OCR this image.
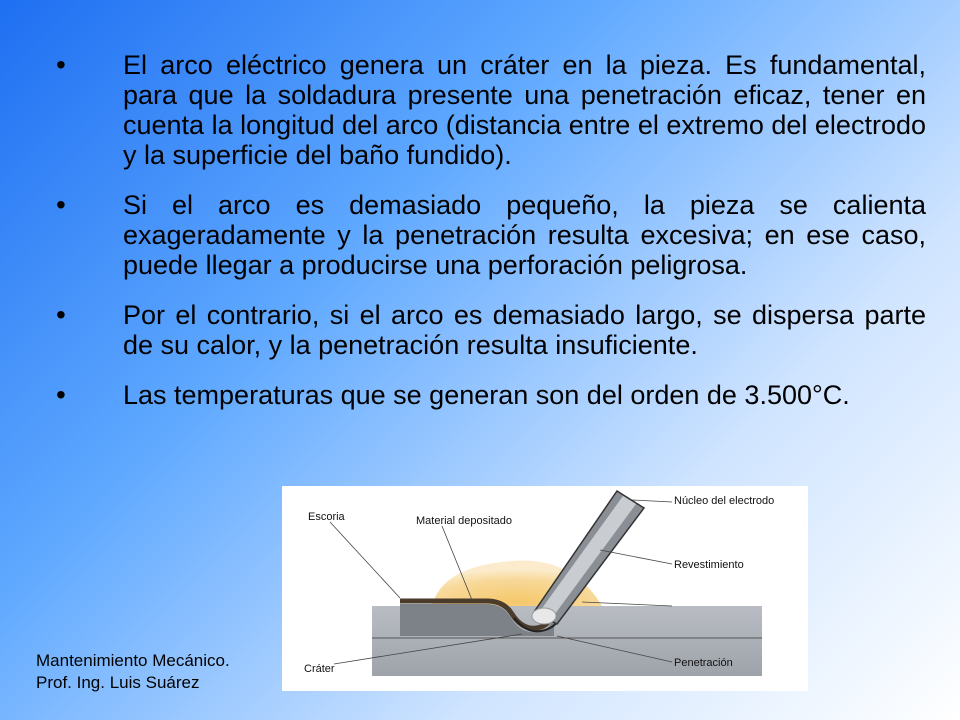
•	El arco eléctrico genera un cráter en la pieza. Es fundamental, para que la soldadura presente una penetración eficaz, tener en cuenta la longitud del arco (distancia entre el extremo del electrodo y la superficie del baño fundido).
•	Si el arco es demasiado pequeño, la pieza se calienta exageradamente y la penetración resulta excesiva; en ese caso, puede llegar a producirse una perforación peligrosa.
•	Por el contrario, si el arco es demasiado largo, se dispersa parte de su calor, y la penetración resulta insuficiente.
•	Las temperaturas que se generan son del orden de 3.500°C.
Escoria	Material depositado
Núcleo del electrodo
Revestimiento
Cráter	Penetración
Mantenimiento Mecánico.
Prof. Ing. Luis Suárez
